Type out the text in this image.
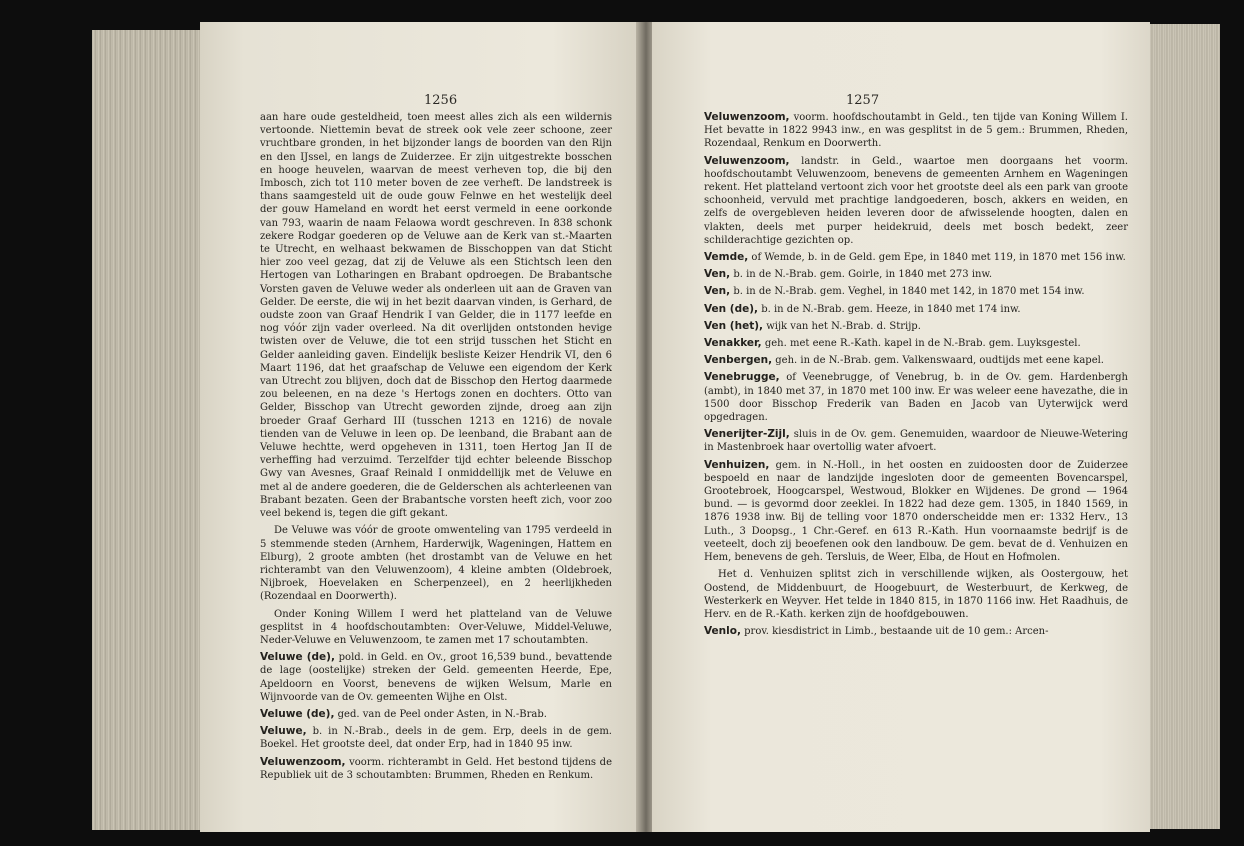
1256	1257

aan hare oude gesteldheid, toen meest alles zich als een wildernis vertoonde. Niettemin bevat de streek ook vele zeer schoone, zeer vruchtbare gronden, in het bijzonder langs de boorden van den Rijn en den IJssel, en langs de Zuiderzee. Er zijn uitgestrekte bosschen en hooge heuvelen, waarvan de meest verheven top, die bij den Imbosch, zich tot 110 meter boven de zee verheft. De landstreek is thans saamgesteld uit de oude gouw Felnwe en het westelijk deel der gouw Hameland en wordt het eerst vermeld in eene oorkonde van 793, waarin de naam Felaowa wordt geschreven. In 838 schonk zekere Rodgar goederen op de Veluwe aan de Kerk van st.-Maarten te Utrecht, en welhaast bekwamen de Bisschoppen van dat Sticht hier zoo veel gezag, dat zij de Veluwe als een Stichtsch leen den Hertogen van Lotharingen en Brabant opdroegen. De Brabantsche Vorsten gaven de Veluwe weder als onderleen uit aan de Graven van Gelder. De eerste, die wij in het bezit daarvan vinden, is Gerhard, de oudste zoon van Graaf Hendrik I van Gelder, die in 1177 leefde en nog vóór zijn vader overleed. Na dit overlijden ontstonden hevige twisten over de Veluwe, die tot een strijd tusschen het Sticht en Gelder aanleiding gaven. Eindelijk besliste Keizer Hendrik VI, den 6 Maart 1196, dat het graafschap de Veluwe een eigendom der Kerk van Utrecht zou blijven, doch dat de Bisschop den Hertog daarmede zou beleenen, en na deze 's Hertogs zonen en dochters. Otto van Gelder, Bisschop van Utrecht geworden zijnde, droeg aan zijn broeder Graaf Gerhard III (tusschen 1213 en 1216) de novale tienden van de Veluwe in leen op. De leenband, die Brabant aan de Veluwe hechtte, werd opgeheven in 1311, toen Hertog Jan II de verheffing had verzuimd. Terzelfder tijd echter beleende Bisschop Gwy van Avesnes, Graaf Reinald I onmiddellijk met de Veluwe en met al de andere goederen, die de Gelderschen als achterleenen van Brabant bezaten. Geen der Brabantsche vorsten heeft zich, voor zoo veel bekend is, tegen die gift gekant.

De Veluwe was vóór de groote omwenteling van 1795 verdeeld in 5 stemmende steden (Arnhem, Harderwijk, Wageningen, Hattem en Elburg), 2 groote ambten (het drostambt van de Veluwe en het richterambt van den Veluwenzoom), 4 kleine ambten (Oldebroek, Nijbroek, Hoevelaken en Scherpenzeel), en 2 heerlijkheden (Rozendaal en Doorwerth).

Onder Koning Willem I werd het platteland van de Veluwe gesplitst in 4 hoofdschoutambten: Over-Veluwe, Middel-Veluwe, Neder-Veluwe en Veluwenzoom, te zamen met 17 schoutambten.

Veluwe (de), pold. in Geld. en Ov., groot 16,539 bund., bevattende de lage (oostelijke) streken der Geld. gemeenten Heerde, Epe, Apeldoorn en Voorst, benevens de wijken Welsum, Marle en Wijnvoorde van de Ov. gemeenten Wijhe en Olst.

Veluwe (de), ged. van de Peel onder Asten, in N.-Brab.

Veluwe, b. in N.-Brab., deels in de gem. Erp, deels in de gem. Boekel. Het grootste deel, dat onder Erp, had in 1840 95 inw.

Veluwenzoom, voorm. richterambt in Geld. Het bestond tijdens de Republiek uit de 3 schoutambten: Brummen, Rheden en Renkum.

Veluwenzoom, voorm. hoofdschoutambt in Geld., ten tijde van Koning Willem I. Het bevatte in 1822 9943 inw., en was gesplitst in de 5 gem.: Brummen, Rheden, Rozendaal, Renkum en Doorwerth.

Veluwenzoom, landstr. in Geld., waartoe men doorgaans het voorm. hoofdschoutambt Veluwenzoom, benevens de gemeenten Arnhem en Wageningen rekent. Het platteland vertoont zich voor het grootste deel als een park van groote schoonheid, vervuld met prachtige landgoederen, bosch, akkers en weiden, en zelfs de overgebleven heiden leveren door de afwisselende hoogten, dalen en vlakten, deels met purper heidekruid, deels met bosch bedekt, zeer schilderachtige gezichten op.

Vemde, of Wemde, b. in de Geld. gem Epe, in 1840 met 119, in 1870 met 156 inw.

Ven, b. in de N.-Brab. gem. Goirle, in 1840 met 273 inw.

Ven, b. in de N.-Brab. gem. Veghel, in 1840 met 142, in 1870 met 154 inw.

Ven (de), b. in de N.-Brab. gem. Heeze, in 1840 met 174 inw.

Ven (het), wijk van het N.-Brab. d. Strijp.

Venakker, geh. met eene R.-Kath. kapel in de N.-Brab. gem. Luyksgestel.

Venbergen, geh. in de N.-Brab. gem. Valkenswaard, oudtijds met eene kapel.

Venebrugge, of Veenebrugge, of Venebrug, b. in de Ov. gem. Hardenbergh (ambt), in 1840 met 37, in 1870 met 100 inw. Er was weleer eene havezathe, die in 1500 door Bisschop Frederik van Baden en Jacob van Uyterwijck werd opgedragen.

Venerijter-Zijl, sluis in de Ov. gem. Genemuiden, waardoor de Nieuwe-Wetering in Mastenbroek haar overtollig water afvoert.

Venhuizen, gem. in N.-Holl., in het oosten en zuidoosten door de Zuiderzee bespoeld en naar de landzijde ingesloten door de gemeenten Bovencarspel, Grootebroek, Hoogcarspel, Westwoud, Blokker en Wijdenes. De grond — 1964 bund. — is gevormd door zeeklei. In 1822 had deze gem. 1305, in 1840 1569, in 1876 1938 inw. Bij de telling voor 1870 onderscheidde men er: 1332 Herv., 13 Luth., 3 Doopsg., 1 Chr.-Geref. en 613 R.-Kath. Hun voornaamste bedrijf is de veeteelt, doch zij beoefenen ook den landbouw. De gem. bevat de d. Venhuizen en Hem, benevens de geh. Tersluis, de Weer, Elba, de Hout en Hofmolen.

Het d. Venhuizen splitst zich in verschillende wijken, als Oostergouw, het Oostend, de Middenbuurt, de Hoogebuurt, de Westerbuurt, de Kerkweg, de Westerkerk en Weyver. Het telde in 1840 815, in 1870 1166 inw. Het Raadhuis, de Herv. en de R.-Kath. kerken zijn de hoofdgebouwen.

Venlo, prov. kiesdistrict in Limb., bestaande uit de 10 gem.: Arcen-
